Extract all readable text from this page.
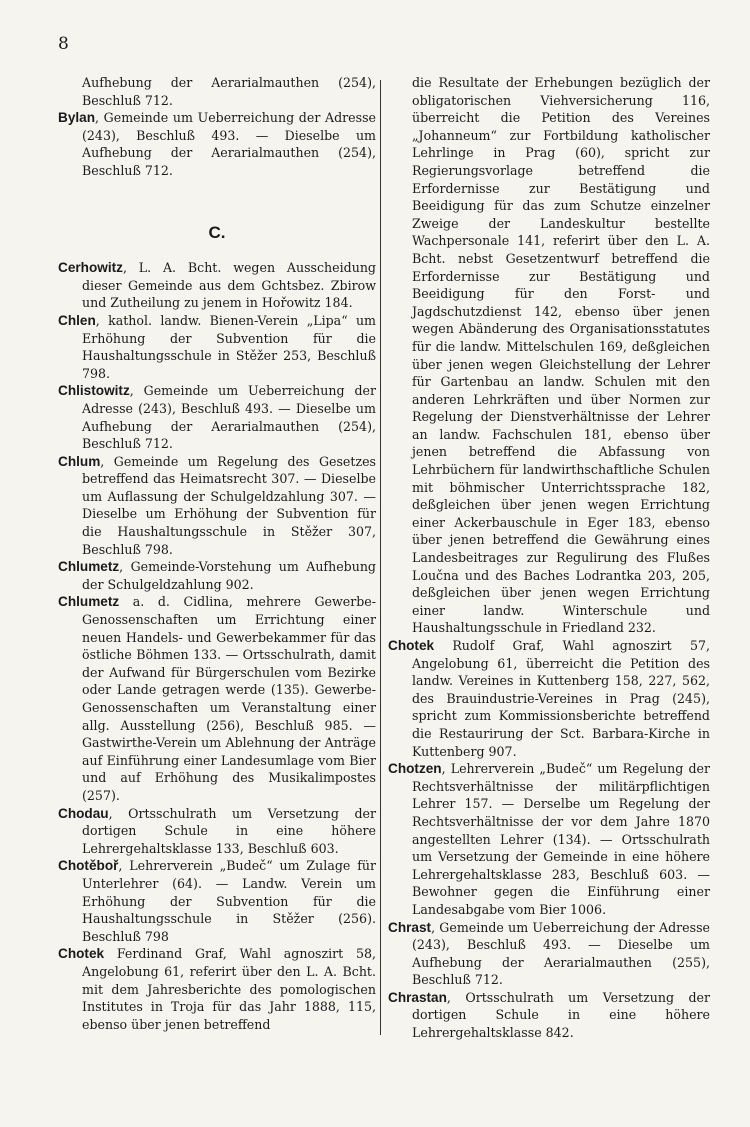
8

Aufhebung der Aerarialmauthen (254), Beschluß 712.

Bylan, Gemeinde um Ueberreichung der Adresse (243), Beschluß 493. — Dieselbe um Aufhebung der Aerarialmauthen (254), Beschluß 712.

C.

Cerhowitz, L. A. Bcht. wegen Ausscheidung dieser Gemeinde aus dem Gchtsbez. Zbirow und Zutheilung zu jenem in Hořowitz 184.

Chlen, kathol. landw. Bienen-Verein „Lipa“ um Erhöhung der Subvention für die Haushaltungsschule in Stěžer 253, Beschluß 798.

Chlistowitz, Gemeinde um Ueberreichung der Adresse (243), Beschluß 493. — Dieselbe um Aufhebung der Aerarialmauthen (254), Beschluß 712.

Chlum, Gemeinde um Regelung des Gesetzes betreffend das Heimatsrecht 307. — Dieselbe um Auflassung der Schulgeldzahlung 307. — Dieselbe um Erhöhung der Subvention für die Haushaltungsschule in Stěžer 307, Beschluß 798.

Chlumetz, Gemeinde-Vorstehung um Aufhebung der Schulgeldzahlung 902.

Chlumetz a. d. Cidlina, mehrere Gewerbe-Genossenschaften um Errichtung einer neuen Handels- und Gewerbekammer für das östliche Böhmen 133. — Ortsschulrath, damit der Aufwand für Bürgerschulen vom Bezirke oder Lande getragen werde (135). Gewerbe-Genossenschaften um Veranstaltung einer allg. Ausstellung (256), Beschluß 985. — Gastwirthe-Verein um Ablehnung der Anträge auf Einführung einer Landesumlage vom Bier und auf Erhöhung des Musikalimpostes (257).

Chodau, Ortsschulrath um Versetzung der dortigen Schule in eine höhere Lehrergehaltsklasse 133, Beschluß 603.

Chotěboř, Lehrerverein „Budeč“ um Zulage für Unterlehrer (64). — Landw. Verein um Erhöhung der Subvention für die Haushaltungsschule in Stěžer (256). Beschluß 798

Chotek Ferdinand Graf, Wahl agnoszirt 58, Angelobung 61, referirt über den L. A. Bcht. mit dem Jahresberichte des pomologischen Institutes in Troja für das Jahr 1888, 115, ebenso über jenen betreffend

die Resultate der Erhebungen bezüglich der obligatorischen Viehversicherung 116, überreicht die Petition des Vereines „Johanneum“ zur Fortbildung katholischer Lehrlinge in Prag (60), spricht zur Regierungsvorlage betreffend die Erfordernisse zur Bestätigung und Beeidigung für das zum Schutze einzelner Zweige der Landeskultur bestellte Wachpersonale 141, referirt über den L. A. Bcht. nebst Gesetzentwurf betreffend die Erfordernisse zur Bestätigung und Beeidigung für den Forst- und Jagdschutzdienst 142, ebenso über jenen wegen Abänderung des Organisationsstatutes für die landw. Mittelschulen 169, deßgleichen über jenen wegen Gleichstellung der Lehrer für Gartenbau an landw. Schulen mit den anderen Lehrkräften und über Normen zur Regelung der Dienstverhältnisse der Lehrer an landw. Fachschulen 181, ebenso über jenen betreffend die Abfassung von Lehrbüchern für landwirthschaftliche Schulen mit böhmischer Unterrichtssprache 182, deßgleichen über jenen wegen Errichtung einer Ackerbauschule in Eger 183, ebenso über jenen betreffend die Gewährung eines Landesbeitrages zur Regulirung des Flußes Loučna und des Baches Lodrantka 203, 205, deßgleichen über jenen wegen Errichtung einer landw. Winterschule und Haushaltungsschule in Friedland 232.

Chotek Rudolf Graf, Wahl agnoszirt 57, Angelobung 61, überreicht die Petition des landw. Vereines in Kuttenberg 158, 227, 562, des Brauindustrie-Vereines in Prag (245), spricht zum Kommissionsberichte betreffend die Restaurirung der Sct. Barbara-Kirche in Kuttenberg 907.

Chotzen, Lehrerverein „Budeč“ um Regelung der Rechtsverhältnisse der militärpflichtigen Lehrer 157. — Derselbe um Regelung der Rechtsverhältnisse der vor dem Jahre 1870 angestellten Lehrer (134). — Ortsschulrath um Versetzung der Gemeinde in eine höhere Lehrergehaltsklasse 283, Beschluß 603. — Bewohner gegen die Einführung einer Landesabgabe vom Bier 1006.

Chrast, Gemeinde um Ueberreichung der Adresse (243), Beschluß 493. — Dieselbe um Aufhebung der Aerarialmauthen (255), Beschluß 712.

Chrastan, Ortsschulrath um Versetzung der dortigen Schule in eine höhere Lehrergehaltsklasse 842.
